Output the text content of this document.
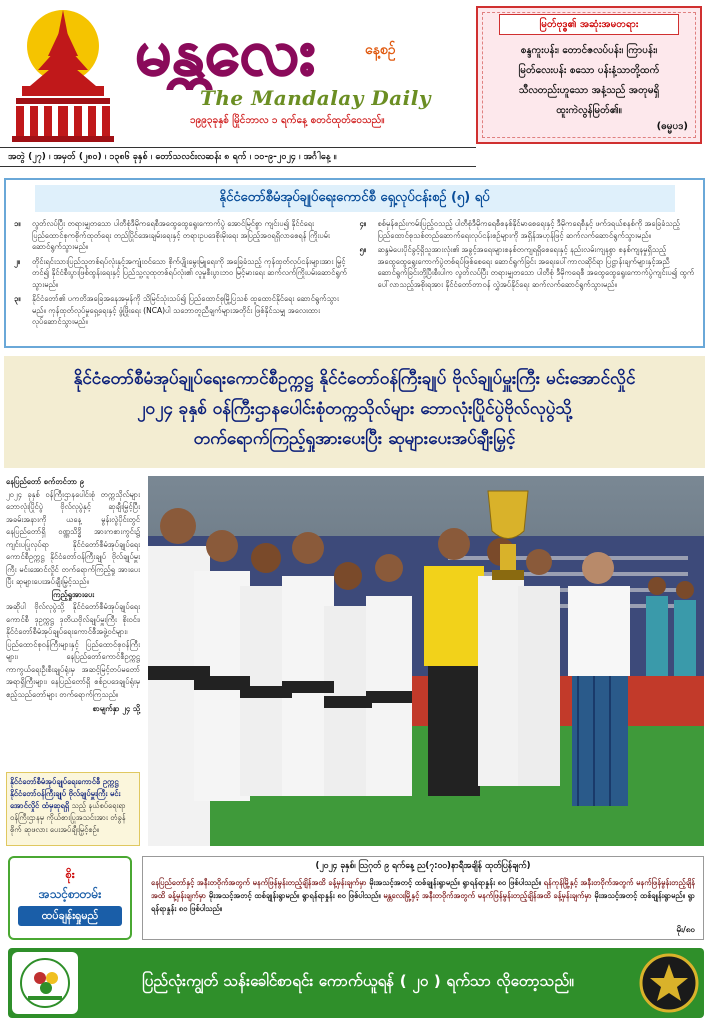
မန္တလေး	နေ့စဉ်
The Mandalay Daily
၁၉၉၃ခုနှစ် မြိုင်ဘာလ ၁ ရက်နေ့ စတင်ထုတ်ဝေသည်။
မြတ်ဗုဒ္ဓ၏ အဆုံးအမတရား
စန္ဒကူးပန်း၊ တောင်ဇလပ်ပန်း၊ ကြာပန်း၊
မြတ်လေးပန်း စသော ပန်းနံ့သာတို့ထက်
သီလတည်းဟူသော အနံ့သည် အတုမရှိ
ထူးကဲလွန်မြတ်၏။
(ဓမ္မပဒ)
အတွဲ (၂၇) ၊ အမှတ် (၂၈၀) ၊ ၁၃၈၆ ခုနှစ် ၊ တော်သလင်းလဆန်း ၈ ရက် ၊ ၁၀-၉-၂၀၂၄ ၊ အင်္ဂါနေ့ ။
နိုင်ငံတော်စီမံအုပ်ချုပ်ရေးကောင်စီ ရှေ့လုပ်ငန်းစဉ် (၅) ရပ်
၁။	လွတ်လပ်ပြီး တရားမျှတသော ပါတီစုံဒီမိုကရေစီအထွေထွေရွေးကောက်ပွဲ အောင်မြင်စွာ ကျင်းပ၍ နိုင်ငံရေး ပြည်ထောင်စုကစိုက်ထုတ်ရေး တည်ပြိုင်အေးချမ်းရေးနှင့် တရားဥပဒေစိုးမိုးရေး အပြည့်အဝရရှိလာစေရန် ကြိုးပမ်းဆောင်ရွက်သွားမည်။
၂။	တိုင်းရင်းသားပြည်သူတစ်ရပ်လုံးနှင့်အကျုံးဝင်သော စိုက်ပျိုးမွေးမြူရေးကို အခြေခံသည့် ကုန်ထုတ်လုပ်ငန်းများအား မြှင့်တင်၍ နိုင်ငံစီးပွားဖြစ်ထွန်းရေးနှင့် ပြည်သူ့လူထုတစ်ရပ်လုံး၏ လူမှုစီးပွားဘဝ မြင့်မားရေး ဆက်လက်ကြိုးပမ်းဆောင်ရွက်သွားမည်။
၃။	နိုင်ငံတော်၏ ပကတိအခြေအနေအမှန်ကို သိမြင်သုံးသပ်၍ ပြည်ထောင်စုမြို့ပြသစ် ထူထောင်နိုင်ရေး ဆောင်ရွက်သွားမည်။ ကုန်ထုတ်လုပ်မှုရှေ့ရေးနှင့် ဖွံ့ဖြိုးရေး (NCA)ပါ သဘောတူညီချက်များအတိုင်း ဖြစ်နိုင်သမျှ အလေးထား လုပ်ဆောင်သွားမည်။
၄။	စစ်မှန်စည်းကမ်းပြည့်ဝသည့် ပါတီစုံဒီမိုကရေစီစနစ်နိုင်မာစေရေးနှင့် ဒီမိုကရေစီနှင့် ဖက်ဒရယ်စနစ်ကို အခြေခံသည့် ပြည်ထောင်စုသစ်တည်ဆောက်ရေးလုပ်ငန်းစဉ်များကို အရှိန်အဟုန်ဖြင့် ဆက်လက်ဆောင်ရွက်သွားမည်။
၅။	ဆန္ဒမဲပေးပိုင်ခွင့်ရှိသူအားလုံး၏ အခွင့်အရေးများစနစ်တကျရရှိစေရေးနှင့် နည်းလမ်းကျနစွာ စနစ်ကျနမှုရှိသည့် အထွေထွေရွေးကောက်ပွဲတစ်ရပ်ဖြစ်စေရေး ဆောင်ရွက်ခြင်း အရေးပေါ်ကာလဆိုင်ရာ ပြဋ္ဌာန်းချက်များနှင့်အညီ ဆောင်ရွက်ခြင်းတို့ပြီးစီးပါက လွတ်လပ်ပြီး တရားမျှတသော ပါတီစုံ ဒီမိုကရေစီ အထွေထွေရွေးကောက်ပွဲကျင်းပ၍ ထွက်ပေါ်လာသည့်အစိုးရအား နိုင်ငံတော်တာဝန် လွှဲအပ်နိုင်ရေး ဆက်လက်ဆောင်ရွက်သွားမည်။
နိုင်ငံတော်စီမံအုပ်ချုပ်ရေးကောင်စီဥက္ကဋ္ဌ နိုင်ငံတော်ဝန်ကြီးချုပ် ဗိုလ်ချုပ်မှူးကြီး မင်းအောင်လှိုင်
၂၀၂၄ ခုနှစ် ဝန်ကြီးဌာနပေါင်းစုံတက္ကသိုလ်များ ဘောလုံးပြိုင်ပွဲဗိုလ်လုပွဲသို့
တက်ရောက်ကြည့်ရှုအားပေးပြီး ဆုများပေးအပ်ချီးမြှင့်
နေပြည်တော် စက်တင်ဘာ ၉
၂၀၂၄ ခုနှစ် ဝန်ကြီးဌာနပေါင်းစုံ တက္ကသိုလ်များ ဘောလုံးပြိုင်ပွဲ ဗိုလ်လုပွဲနှင့် ဆုချီးမြှင့်ပြီးအခမ်းအနားကို ယနေ့ မွန်းလွဲပိုင်းတွင် နေပြည်တော်ရှိ ဝဏ္ဏသိဒ္ဓိ အားကစားကွင်း၌ ကျင်းပပြုလုပ်ရာ နိုင်ငံတော်စီမံအုပ်ချုပ်ရေးကောင်စီဥက္ကဋ္ဌ နိုင်ငံတော်ဝန်ကြီးချုပ် ဗိုလ်ချုပ်မှူးကြီး မင်းအောင်လှိုင် တက်ရောက်ကြည့်ရှု အားပေးပြီး ဆုများပေးအပ်ချီးမြှင့်သည်။
ကြည့်ရှုအားပေး
အဆိုပါ ဗိုလ်လုပွဲသို့ နိုင်ငံတော်စီမံအုပ်ချုပ်ရေးကောင်စီ ဒုဥက္ကဋ္ဌ ဒုတိယဗိုလ်ချုပ်မှူးကြီး စိုးဝင်း၊ နိုင်ငံတော်စီမံအုပ်ချုပ်ရေးကောင်စီအဖွဲ့ဝင်များ၊ ပြည်ထောင်စုဝန်ကြီးများနှင့် ပြည်ထောင်စုဝန်ကြီးများ၊ နေပြည်တော်ကောင်စီဥက္ကဋ္ဌ ကာကွယ်ရေးဦးစီးချုပ်ရုံးမှ အဆင့်မြင့်တပ်မတော်အရာရှိကြီးများ၊ နေပြည်တော်ရှိ စစ်ဥပဒေချုပ်ရုံးမှ ဧည့်သည်တော်များ တက်ရောက်ကြသည်။
စာမျက်နှာ ၂၄ သို့
နိုင်ငံတော်စီမံအုပ်ချုပ်ရေးကောင်စီ ဥက္ကဋ္ဌ နိုင်ငံတော်ဝန်ကြီးချုပ် ဗိုလ်ချုပ်မှူးကြီး မင်းအောင်လှိုင် ထံမှဆုရရှိ သည့် နယ်စပ်ရေးရာဝန်ကြီးဌာနမှ ကိုယ်စားပြုအသင်းအား တံခွန်စိုက် ဆုဖလား ပေးအပ်ချီးမြှင့်စဉ်။
စိုး
အသင့်စာတမ်း
ထပ်ချန်းရှုမည်
(၂၀၂၄ ခုနှစ်၊ ဩဂုတ် ၉ ရက်နေ့ ည(၇:၀၀)နာရီအချိန် ထုတ်ပြန်ချက်)
နေပြည်တော်နှင့် အနီးတဝိုက်အတွက် မနက်ဖြန်မွန်းတည့်ချိန်အထိ ခန့်မှန်းချက်မှာ မိုးအသင့်အတင့် ထစ်ချုန်းရွာမည်။ ရွာရန်ရာနှုန်း ၈၀ ဖြစ်ပါသည်။ ရန်ကုန်မြို့နှင့် အနီးတဝိုက်အတွက် မနက်ဖြန်မွန်းတည့်ချိန်အထိ ခန့်မှန်းချက်မှာ မိုးအသင့်အတင့် ထစ်ချုန်းရွာမည်။ ရွာရန်ရာနှုန်း ၈၀ ဖြစ်ပါသည်။ မန္တလေးမြို့နှင့် အနီးတဝိုက်အတွက် မနက်ဖြန်မွန်းတည့်ချိန်အထိ ခန့်မှန်းချက်မှာ မိုးအသင့်အတင့် ထစ်ချုန်းရွာမည်။ ရွာရန်ရာနှုန်း ၈၀ ဖြစ်ပါသည်။
မိုး/၈၀
ပြည်လုံးကျွတ် သန်းခေါင်စာရင်း ကောက်ယူရန် ( ၂၀ ) ရက်သာ လိုတော့သည်။
